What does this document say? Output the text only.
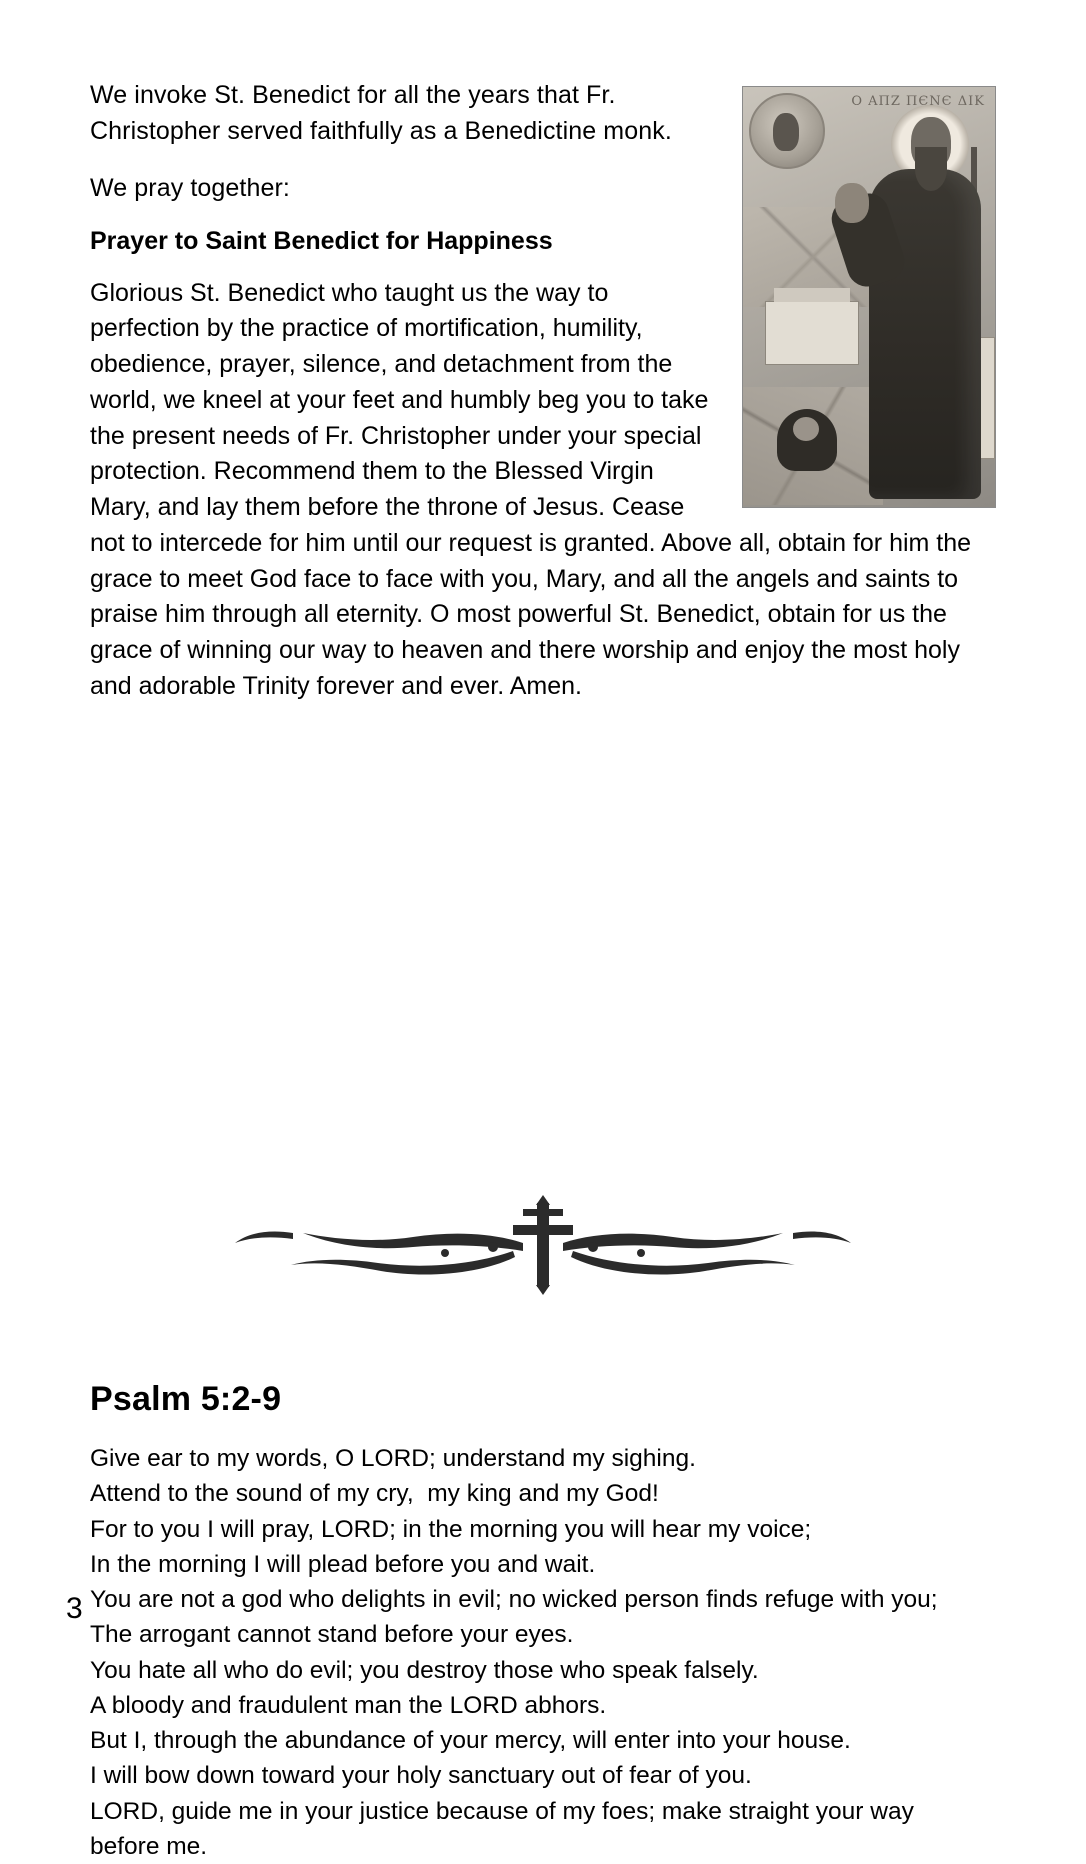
O AΠZ ΠЄNЄ ΔIK

We invoke St. Benedict for all the years that Fr. Christopher served faithfully as a Benedictine monk.

We pray together:

Prayer to Saint Benedict for Happiness

Glorious St. Benedict who taught us the way to perfection by the practice of mortification, humility, obedience, prayer, silence, and detachment from the world, we kneel at your feet and humbly beg you to take the present needs of Fr. Christopher under your special protection. Recommend them to the Blessed Virgin Mary, and lay them before the throne of Jesus. Cease not to intercede for him until our request is granted. Above all, obtain for him the grace to meet God face to face with you, Mary, and all the angels and saints to praise him through all eternity. O most powerful St. Benedict, obtain for us the grace of winning our way to heaven and there worship and enjoy the most holy and adorable Trinity forever and ever. Amen.

Psalm 5:2-9

Give ear to my words, O LORD; understand my sighing.

Attend to the sound of my cry,  my king and my God!

For to you I will pray, LORD; in the morning you will hear my voice;

In the morning I will plead before you and wait.

You are not a god who delights in evil; no wicked person finds refuge with you;

The arrogant cannot stand before your eyes.

You hate all who do evil; you destroy those who speak falsely.

A bloody and fraudulent man the LORD abhors.

But I, through the abundance of your mercy, will enter into your house.

I will bow down toward your holy sanctuary out of fear of you.

LORD, guide me in your justice because of my foes; make straight your way before me.

3
